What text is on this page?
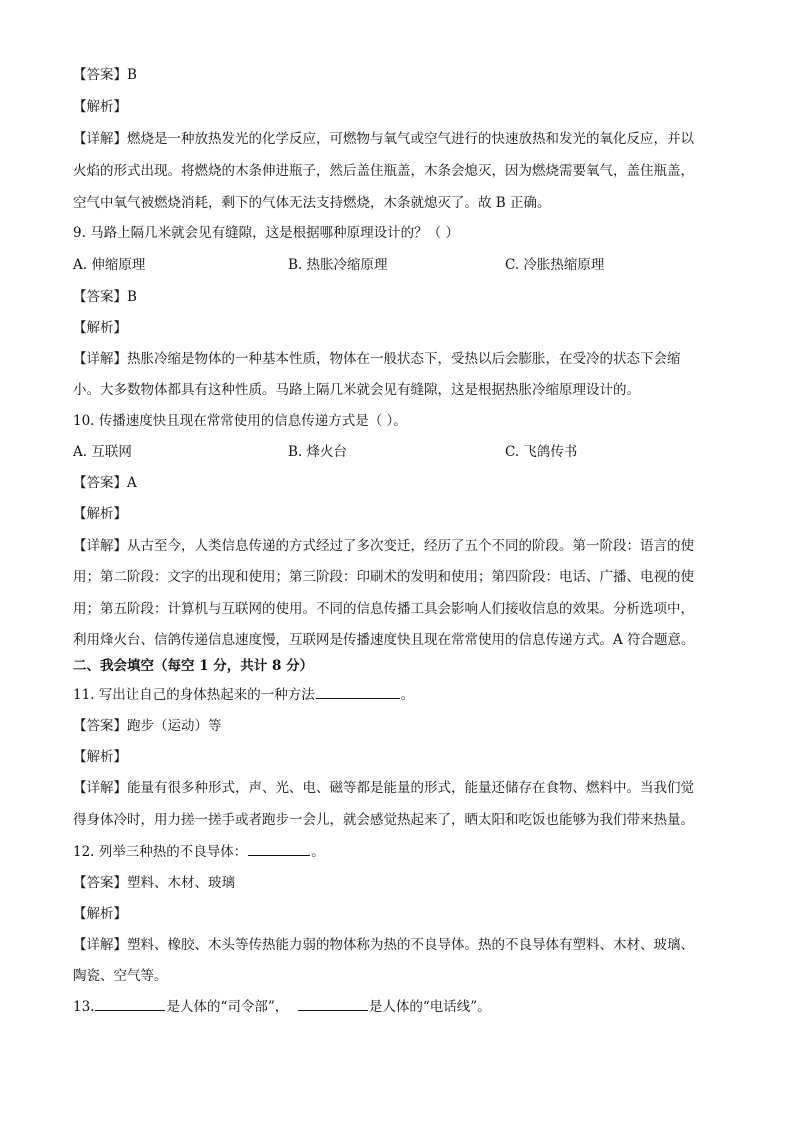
【答案】B
【解析】
【详解】燃烧是一种放热发光的化学反应，可燃物与氧气或空气进行的快速放热和发光的氧化反应，并以
火焰的形式出现。将燃烧的木条伸进瓶子，然后盖住瓶盖，木条会熄灭，因为燃烧需要氧气，盖住瓶盖，
空气中氧气被燃烧消耗，剩下的气体无法支持燃烧，木条就熄灭了。故 B 正确。
9. 马路上隔几米就会见有缝隙，这是根据哪种原理设计的？（ ）
A. 伸缩原理	B. 热胀冷缩原理	C. 冷胀热缩原理
【答案】B
【解析】
【详解】热胀冷缩是物体的一种基本性质，物体在一般状态下，受热以后会膨胀，在受冷的状态下会缩
小。大多数物体都具有这种性质。马路上隔几米就会见有缝隙，这是根据热胀冷缩原理设计的。
10. 传播速度快且现在常常使用的信息传递方式是（ ）。
A. 互联网	B. 烽火台	C. 飞鸽传书
【答案】A
【解析】
【详解】从古至今，人类信息传递的方式经过了多次变迁，经历了五个不同的阶段。第一阶段：语言的使
用；第二阶段：文字的出现和使用；第三阶段：印刷术的发明和使用；第四阶段：电话、广播、电视的使
用；第五阶段：计算机与互联网的使用。不同的信息传播工具会影响人们接收信息的效果。分析选项中，
利用烽火台、信鸽传递信息速度慢，互联网是传播速度快且现在常常使用的信息传递方式。A 符合题意。
二、我会填空（每空 1 分，共计 8 分）
11. 写出让自己的身体热起来的一种方法	。
【答案】跑步（运动）等
【解析】
【详解】能量有很多种形式，声、光、电、磁等都是能量的形式，能量还储存在食物、燃料中。当我们觉
得身体冷时，用力搓一搓手或者跑步一会儿，就会感觉热起来了，晒太阳和吃饭也能够为我们带来热量。
12. 列举三种热的不良导体：	。
【答案】塑料、木材、玻璃
【解析】
【详解】塑料、橡胶、木头等传热能力弱的物体称为热的不良导体。热的不良导体有塑料、木材、玻璃、
陶瓷、空气等。
13.	是人体的“司令部”，	是人体的“电话线”。
